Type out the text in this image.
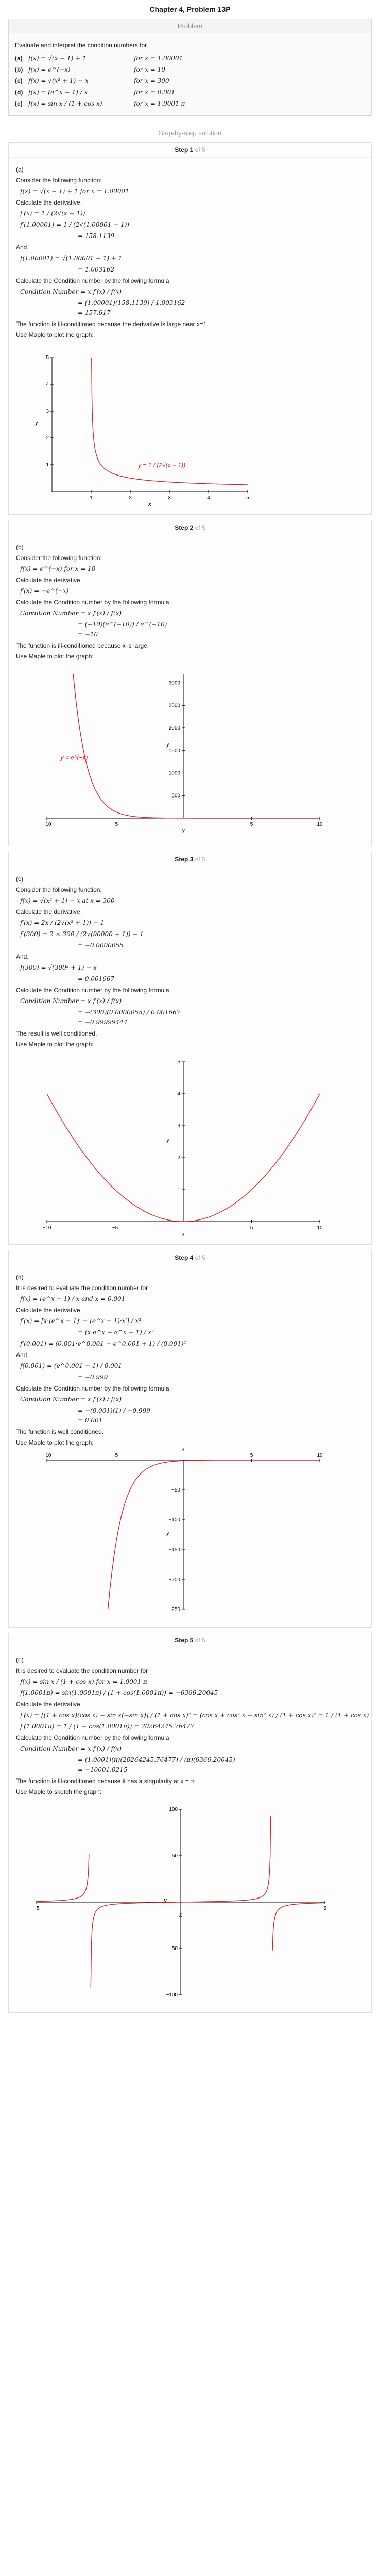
Chapter 4, Problem 13P
Problem
Evaluate and interpret the condition numbers for
(a) f(x) = √(x − 1) + 1	for x = 1.00001
(b) f(x) = e^(−x)	for x = 10
(c) f(x) = √(x² + 1) − x	for x = 300
(d) f(x) = (e^x − 1) / x	for x = 0.001
(e) f(x) = sin x / (1 + cos x)	for x = 1.0001 π
Step-by-step solution
Step 1 of 5
(a)
Consider the following function:
f(x) = √(x − 1) + 1 for x = 1.00001
Calculate the derivative.
f′(x) = 1 / (2√(x − 1))
f′(1.00001) = 1 / (2√(1.00001 − 1))
= 158.1139
And,
f(1.00001) = √(1.00001 − 1) + 1
= 1.003162
Calculate the Condition number by the following formula
Condition Number = x f′(x) / f(x)
= (1.00001)(158.1139) / 1.003162
= 157.617
The function is ill-conditioned because the derivative is large near x=1.
Use Maple to plot the graph:
1	2	3	4	5
1
2
3
4
5
x
y
y = 1 / (2√(x − 1))
Step 2 of 5
(b)
Consider the following function:
f(x) = e^(−x) for x = 10
Calculate the derivative.
f′(x) = −e^(−x)
Calculate the Condition number by the following formula
Condition Number = x f′(x) / f(x)
= (−10)(e^(−10)) / e^(−10)
= −10
The function is ill-conditioned because x is large.
Use Maple to plot the graph:
−10	−5	5	10
500
1000
1500
2000
2500
3000
x
y
y = e^(−x)
Step 3 of 5
(c)
Consider the following function:
f(x) = √(x² + 1) − x at x = 300
Calculate the derivative.
f′(x) = 2x / (2√(x² + 1)) − 1
f′(300) = 2 × 300 / (2√(90000 + 1)) − 1
= −0.0000055
And,
f(300) = √(300² + 1) − x
= 0.001667
Calculate the Condition number by the following formula
Condition Number = x f′(x) / f(x)
= −(300)(0.0000055) / 0.001667
= −0.99999444
The result is well conditioned.
Use Maple to plot the graph:
−10	−5	5	10
1
2
3
4
5
x
y
Step 4 of 5
(d)
It is desired to evaluate the condition number for
f(x) = (e^x − 1) / x and x = 0.001
Calculate the derivative.
f′(x) = [x·(e^x − 1)′ − (e^x − 1)·x′] / x²
= (x·e^x − e^x + 1) / x²
f′(0.001) = (0.001·e^0.001 − e^0.001 + 1) / (0.001)²
And,
f(0.001) = (e^0.001 − 1) / 0.001
= −0.999
Calculate the Condition number by the following formula
Condition Number = x f′(x) / f(x)
= −(0.001)(1) / −0.999
= 0.001
The function is well conditioned.
Use Maple to plot the graph:
−10	−5	5	10
−50
−100
−150
−200
−250
x
y
Step 5 of 5
(e)
It is desired to evaluate the condition number for
f(x) = sin x / (1 + cos x) for x = 1.0001 π
f(1.0001π) = sin(1.0001π) / (1 + cos(1.0001π)) = −6366.20045
Calculate the derivative.
f′(x) = [(1 + cos x)(cos x) − sin x(−sin x)] / (1 + cos x)² = (cos x + cos² x + sin² x) / (1 + cos x)² = 1 / (1 + cos x)
f′(1.0001π) = 1 / (1 + cos(1.0001π)) = 20264245.76477
Calculate the Condition number by the following formula
Condition Number = x f′(x) / f(x)
= (1.0001)(π)(20264245.76477) / (π)(6366.20045)
= −10001.0215
The function is ill-conditioned because it has a singularity at x = π.
Use Maple to sketch the graph:
−5	5
−100
−50
50
100
x
y
